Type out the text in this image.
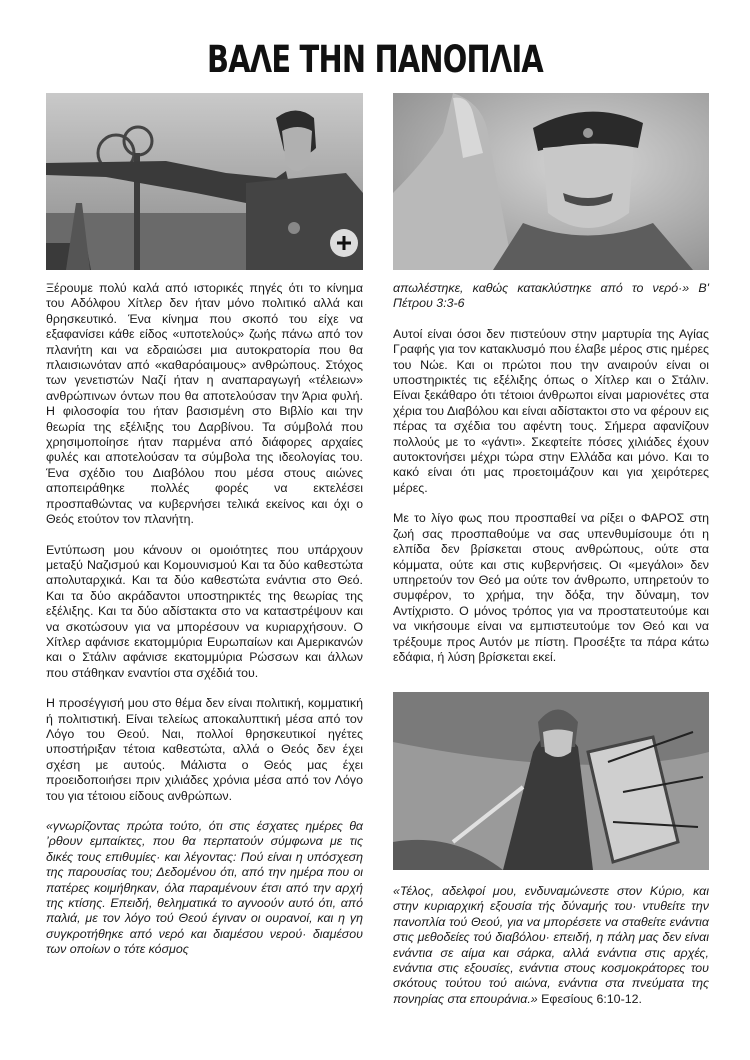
ΒΑΛΕ ΤΗΝ ΠΑΝΟΠΛΙΑ

Ξέρουμε πολύ καλά από ιστορικές πηγές ότι το κίνημα του Αδόλφου Χίτλερ δεν ήταν μόνο πολιτικό αλλά και θρησκευτικό. Ένα κίνημα που σκοπό του είχε να εξαφανίσει κάθε είδος «υποτελούς» ζωής πάνω από τον πλανήτη και να εδραιώσει μια αυτοκρατορία που θα πλαισιωνόταν από «καθαρόαιμους» ανθρώπους. Στόχος των γενετιστών Ναζί ήταν η αναπαραγωγή «τέλειων» ανθρώπινων όντων που θα αποτελούσαν την Άρια φυλή. Η φιλοσοφία του ήταν βασισμένη στο Βιβλίο και την θεωρία της εξέλιξης του Δαρβίνου. Τα σύμβολά που χρησιμοποίησε ήταν παρμένα από διάφορες αρχαίες φυλές και αποτελούσαν τα σύμβολα της ιδεολογίας του. Ένα σχέδιο του Διαβόλου που μέσα στους αιώνες αποπειράθηκε πολλές φορές να εκτελέσει προσπαθώντας να κυβερνήσει τελικά εκείνος και όχι ο Θεός ετούτον τον πλανήτη.

Εντύπωση μου κάνουν οι ομοιότητες που υπάρχουν μεταξύ Ναζισμού και Κομουνισμού Και τα δύο καθεστώτα απολυταρχικά. Και τα δύο καθεστώτα ενάντια στο Θεό. Και τα δύο ακράδαντοι υποστηρικτές της θεωρίας της εξέλιξης. Και τα δύο αδίστακτα στο να καταστρέψουν και να σκοτώσουν για να μπορέσουν να κυριαρχήσουν. Ο Χίτλερ αφάνισε εκατομμύρια Ευρωπαίων και Αμερικανών και ο Στάλιν αφάνισε εκατομμύρια Ρώσσων και άλλων που στάθηκαν εναντίοι στα σχέδιά του.

Η προσέγγισή μου στο θέμα δεν είναι πολιτική, κομματική ή πολιτιστική. Είναι τελείως αποκαλυπτική μέσα από τον Λόγο του Θεού. Ναι, πολλοί θρησκευτικοί ηγέτες υποστήριξαν τέτοια καθεστώτα, αλλά ο Θεός δεν έχει σχέση με αυτούς. Μάλιστα ο Θεός μας έχει προειδοποιήσει πριν χιλιάδες χρόνια μέσα από τον Λόγο του για τέτοιου είδους ανθρώπων.

«γνωρίζοντας πρώτα τούτο, ότι στις έσχατες ημέρες θα ’ρθουν εμπαίκτες, που θα περπατούν σύμφωνα με τις δικές τους επιθυμίες· και λέγοντας: Πού είναι η υπόσχεση της παρουσίας του; Δεδομένου ότι, από την ημέρα που οι πατέρες κοιμήθηκαν, όλα παραμένουν έτσι από την αρχή της κτίσης. Επειδή, θεληματικά το αγνοούν αυτό ότι, από παλιά, με τον λόγο τού Θεού έγιναν οι ουρανοί, και η γη συγκροτήθηκε από νερό και διαμέσου νερού· διαμέσου των οποίων ο τότε κόσμος

απωλέστηκε, καθώς κατακλύστηκε από το νερό·» Β' Πέτρου 3:3-6

Αυτοί είναι όσοι δεν πιστεύουν στην μαρτυρία της Αγίας Γραφής για τον κατακλυσμό που έλαβε μέρος στις ημέρες του Νώε. Και οι πρώτοι που την αναιρούν είναι οι υποστηρικτές τις εξέλιξης όπως ο Χίτλερ και ο Στάλιν. Είναι ξεκάθαρο ότι τέτοιοι άνθρωποι είναι μαριονέτες στα χέρια του Διαβόλου και είναι αδίστακτοι στο να φέρουν εις πέρας τα σχέδια του αφέντη τους. Σήμερα αφανίζουν πολλούς με το «γάντι». Σκεφτείτε πόσες χιλιάδες έχουν αυτοκτονήσει μέχρι τώρα στην Ελλάδα και μόνο. Και το κακό είναι ότι μας προετοιμάζουν και για χειρότερες μέρες.

Με το λίγο φως που προσπαθεί να ρίξει ο ΦΑΡΟΣ στη ζωή σας προσπαθούμε να σας υπενθυμίσουμε ότι η ελπίδα δεν βρίσκεται στους ανθρώπους, ούτε στα κόμματα, ούτε και στις κυβερνήσεις. Οι «μεγάλοι» δεν υπηρετούν τον Θεό μα ούτε τον άνθρωπο, υπηρετούν το συμφέρον, το χρήμα, την δόξα, την δύναμη, τον Αντίχριστο. Ο μόνος τρόπος για να προστατευτούμε και να νικήσουμε είναι να εμπιστευτούμε τον Θεό και να τρέξουμε προς Αυτόν με πίστη. Προσέξτε τα πάρα κάτω εδάφια, ή λύση βρίσκεται εκεί.

«Τέλος, αδελφοί μου, ενδυναμώνεστε στον Κύριο, και στην κυριαρχική εξουσία τής δύναμής του· ντυθείτε την πανοπλία τού Θεού, για να μπορέσετε να σταθείτε ενάντια στις μεθοδείες τού διαβόλου· επειδή, η πάλη μας δεν είναι ενάντια σε αίμα και σάρκα, αλλά ενάντια στις αρχές, ενάντια στις εξουσίες, ενάντια στους κοσμοκράτορες του σκότους τούτου τού αιώνα, ενάντια στα πνεύματα της πονηρίας στα επουράνια.» Εφεσίους 6:10-12.
